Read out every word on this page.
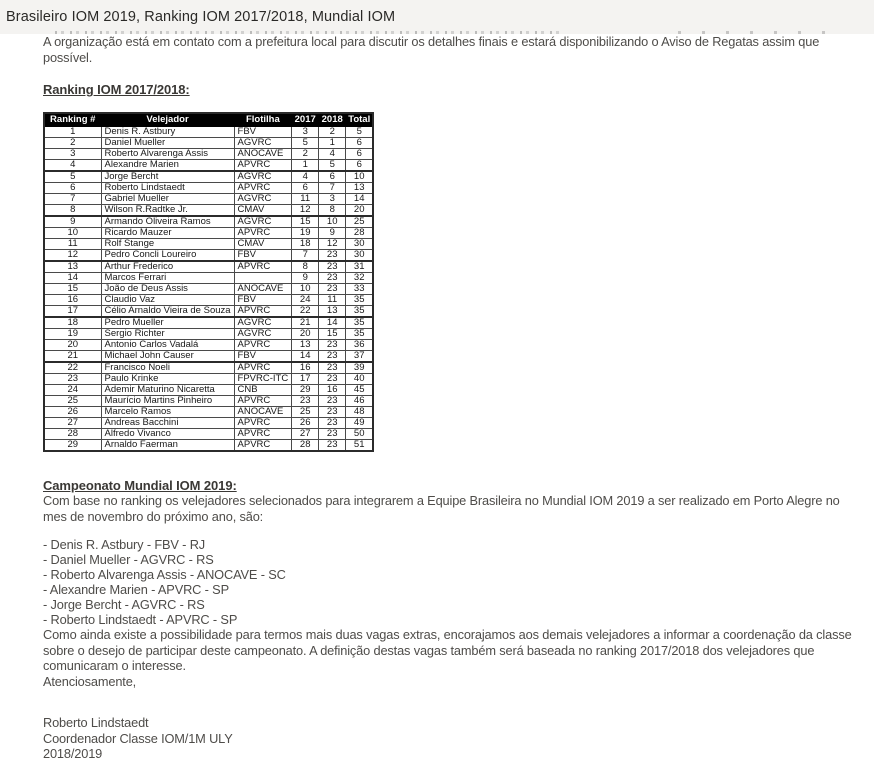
Brasileiro IOM 2019, Ranking IOM 2017/2018, Mundial IOM

A organização está em contato com a prefeitura local para discutir os detalhes finais e estará disponibilizando o Aviso de Regatas assim que possível.

Ranking IOM 2017/2018:
Ranking #	Velejador	Flotilha	2017	2018	Total
1	Denis R. Astbury	FBV	3	2	5
2	Daniel Mueller	AGVRC	5	1	6
3	Roberto Alvarenga Assis	ANOCAVE	2	4	6
4	Alexandre Marien	APVRC	1	5	6
5	Jorge Bercht	AGVRC	4	6	10
6	Roberto Lindstaedt	APVRC	6	7	13
7	Gabriel Mueller	AGVRC	11	3	14
8	Wilson R.Radtke Jr.	CMAV	12	8	20
9	Armando Oliveira Ramos	AGVRC	15	10	25
10	Ricardo Mauzer	APVRC	19	9	28
11	Rolf Stange	CMAV	18	12	30
12	Pedro Concli Loureiro	FBV	7	23	30
13	Arthur Frederico	APVRC	8	23	31
14	Marcos Ferrari		9	23	32
15	João de Deus Assis	ANOCAVE	10	23	33
16	Claudio Vaz	FBV	24	11	35
17	Célio Arnaldo Vieira de Souza	APVRC	22	13	35
18	Pedro Mueller	AGVRC	21	14	35
19	Sergio Richter	AGVRC	20	15	35
20	Antonio Carlos Vadalá	APVRC	13	23	36
21	Michael John Causer	FBV	14	23	37
22	Francisco Noeli	APVRC	16	23	39
23	Paulo Krinke	FPVRC-ITC	17	23	40
24	Ademir Maturino Nicaretta	CNB	29	16	45
25	Maurício Martins Pinheiro	APVRC	23	23	46
26	Marcelo Ramos	ANOCAVE	25	23	48
27	Andreas Bacchini	APVRC	26	23	49
28	Alfredo Vivanco	APVRC	27	23	50
29	Arnaldo Faerman	APVRC	28	23	51
Campeonato Mundial IOM 2019:

Com base no ranking os velejadores selecionados para integrarem a Equipe Brasileira no Mundial IOM 2019 a ser realizado em Porto Alegre no mes de novembro do próximo ano, são:

- Denis R. Astbury - FBV - RJ
- Daniel Mueller - AGVRC - RS
- Roberto Alvarenga Assis - ANOCAVE - SC
- Alexandre Marien - APVRC - SP
- Jorge Bercht - AGVRC - RS
- Roberto Lindstaedt - APVRC - SP

Como ainda existe a possibilidade para termos mais duas vagas extras, encorajamos aos demais velejadores a informar a coordenação da classe sobre o desejo de participar deste campeonato. A definição destas vagas também será baseada no ranking 2017/2018 dos velejadores que comunicaram o interesse.

Atenciosamente,

Roberto Lindstaedt
Coordenador Classe IOM/1M ULY
2018/2019
